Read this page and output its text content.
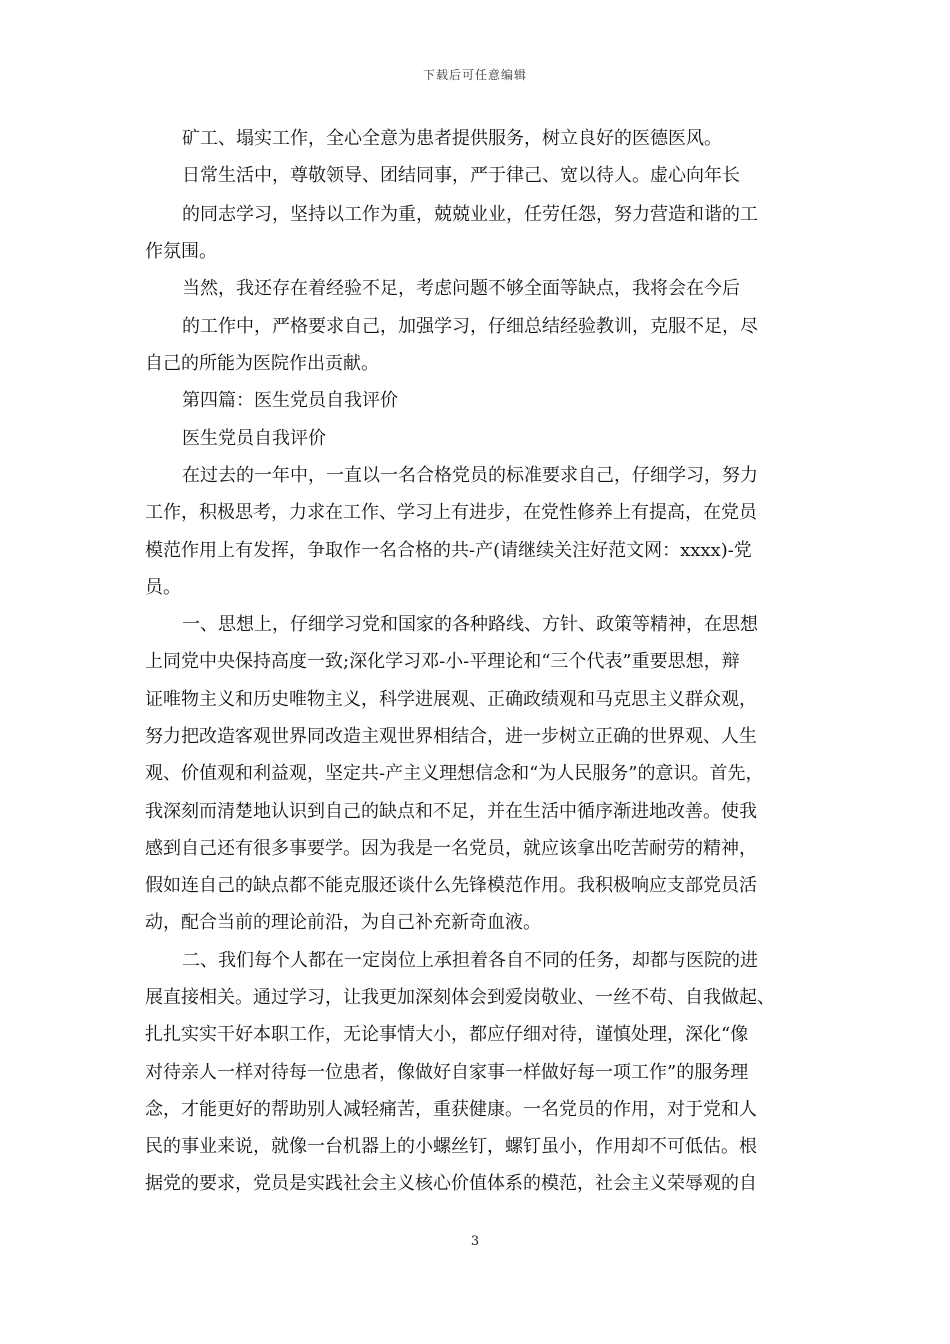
下载后可任意编辑
矿工、塌实工作，全心全意为患者提供服务，树立良好的医德医风。
日常生活中，尊敬领导、团结同事，严于律己、宽以待人。虚心向年长
的同志学习，坚持以工作为重，兢兢业业，任劳任怨，努力营造和谐的工
作氛围。
当然，我还存在着经验不足，考虑问题不够全面等缺点，我将会在今后
的工作中，严格要求自己，加强学习，仔细总结经验教训，克服不足，尽
自己的所能为医院作出贡献。
第四篇：医生党员自我评价
医生党员自我评价
在过去的一年中，一直以一名合格党员的标准要求自己，仔细学习，努力
工作，积极思考，力求在工作、学习上有进步，在党性修养上有提高，在党员
模范作用上有发挥，争取作一名合格的共-产(请继续关注好范文网：xxxx)-党
员。
一、思想上，仔细学习党和国家的各种路线、方针、政策等精神，在思想
上同党中央保持高度一致;深化学习邓-小-平理论和“三个代表”重要思想，辩
证唯物主义和历史唯物主义，科学进展观、正确政绩观和马克思主义群众观，
努力把改造客观世界同改造主观世界相结合，进一步树立正确的世界观、人生
观、价值观和利益观，坚定共-产主义理想信念和“为人民服务”的意识。首先，
我深刻而清楚地认识到自己的缺点和不足，并在生活中循序渐进地改善。使我
感到自己还有很多事要学。因为我是一名党员，就应该拿出吃苦耐劳的精神，
假如连自己的缺点都不能克服还谈什么先锋模范作用。我积极响应支部党员活
动，配合当前的理论前沿，为自己补充新奇血液。
二、我们每个人都在一定岗位上承担着各自不同的任务，却都与医院的进
展直接相关。通过学习，让我更加深刻体会到爱岗敬业、一丝不苟、自我做起、
扎扎实实干好本职工作，无论事情大小，都应仔细对待，谨慎处理，深化“像
对待亲人一样对待每一位患者，像做好自家事一样做好每一项工作”的服务理
念，才能更好的帮助别人减轻痛苦，重获健康。一名党员的作用，对于党和人
民的事业来说，就像一台机器上的小螺丝钉，螺钉虽小，作用却不可低估。根
据党的要求，党员是实践社会主义核心价值体系的模范，社会主义荣辱观的自
3
